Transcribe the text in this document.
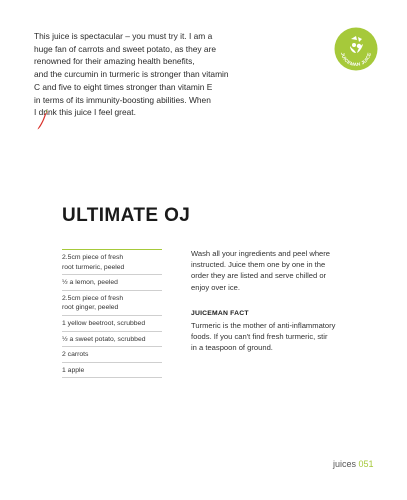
This juice is spectacular – you must try it. I am a
huge fan of carrots and sweet potato, as they are
renowned for their amazing health benefits,
and the curcumin in turmeric is stronger than vitamin
C and five to eight times stronger than vitamin E
in terms of its immunity-boosting abilities. When
I drink this juice I feel great.
JUICEMAN JUICE
ULTIMATE OJ
2.5cm piece of fresh
root turmeric, peeled
½ a lemon, peeled
2.5cm piece of fresh
root ginger, peeled
1 yellow beetroot, scrubbed
½ a sweet potato, scrubbed
2 carrots
1 apple
Wash all your ingredients and peel where
instructed. Juice them one by one in the
order they are listed and serve chilled or
enjoy over ice.
JUICEMAN FACT
Turmeric is the mother of anti-inflammatory
foods. If you can't find fresh turmeric, stir
in a teaspoon of ground.
juices 051
